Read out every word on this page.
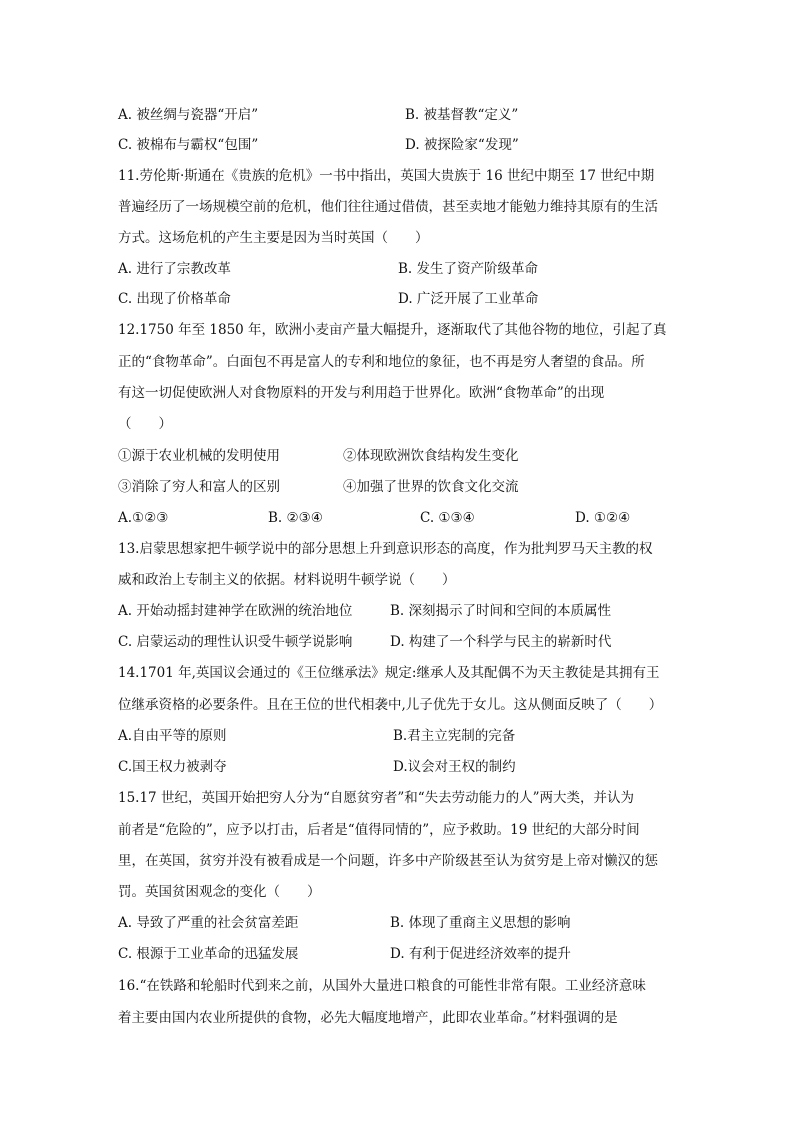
A. 被丝绸与瓷器“开启”	B. 被基督教“定义”
C. 被棉布与霸权“包围”	D. 被探险家“发现”
11.劳伦斯·斯通在《贵族的危机》一书中指出，英国大贵族于 16 世纪中期至 17 世纪中期
普遍经历了一场规模空前的危机，他们往往通过借债，甚至卖地才能勉力维持其原有的生活
方式。这场危机的产生主要是因为当时英国（　　）
A. 进行了宗教改革	B. 发生了资产阶级革命
C. 出现了价格革命	D. 广泛开展了工业革命
12.1750 年至 1850 年，欧洲小麦亩产量大幅提升，逐渐取代了其他谷物的地位，引起了真
正的“食物革命”。白面包不再是富人的专利和地位的象征，也不再是穷人奢望的食品。所
有这一切促使欧洲人对食物原料的开发与利用趋于世界化。欧洲“食物革命”的出现
（　　）
①源于农业机械的发明使用	②体现欧洲饮食结构发生变化
③消除了穷人和富人的区别	④加强了世界的饮食文化交流
A.①②③	B. ②③④	C. ①③④	D. ①②④
13.启蒙思想家把牛顿学说中的部分思想上升到意识形态的高度，作为批判罗马天主教的权
威和政治上专制主义的依据。材料说明牛顿学说（　　）
A. 开始动摇封建神学在欧洲的统治地位	B. 深刻揭示了时间和空间的本质属性
C. 启蒙运动的理性认识受牛顿学说影响	D. 构建了一个科学与民主的崭新时代
14.1701 年,英国议会通过的《王位继承法》规定:继承人及其配偶不为天主教徒是其拥有王
位继承资格的必要条件。且在王位的世代相袭中,儿子优先于女儿。这从侧面反映了（　　）
A.自由平等的原则	B.君主立宪制的完备
C.国王权力被剥夺	D.议会对王权的制约
15.17 世纪，英国开始把穷人分为“自愿贫穷者”和“失去劳动能力的人”两大类，并认为
前者是“危险的”，应予以打击，后者是“值得同情的”，应予救助。19 世纪的大部分时间
里，在英国，贫穷并没有被看成是一个问题，许多中产阶级甚至认为贫穷是上帝对懒汉的惩
罚。英国贫困观念的变化（　　）
A. 导致了严重的社会贫富差距	B. 体现了重商主义思想的影响
C. 根源于工业革命的迅猛发展	D. 有利于促进经济效率的提升
16.“在铁路和轮船时代到来之前，从国外大量进口粮食的可能性非常有限。工业经济意味
着主要由国内农业所提供的食物，必先大幅度地增产，此即农业革命。”材料强调的是
